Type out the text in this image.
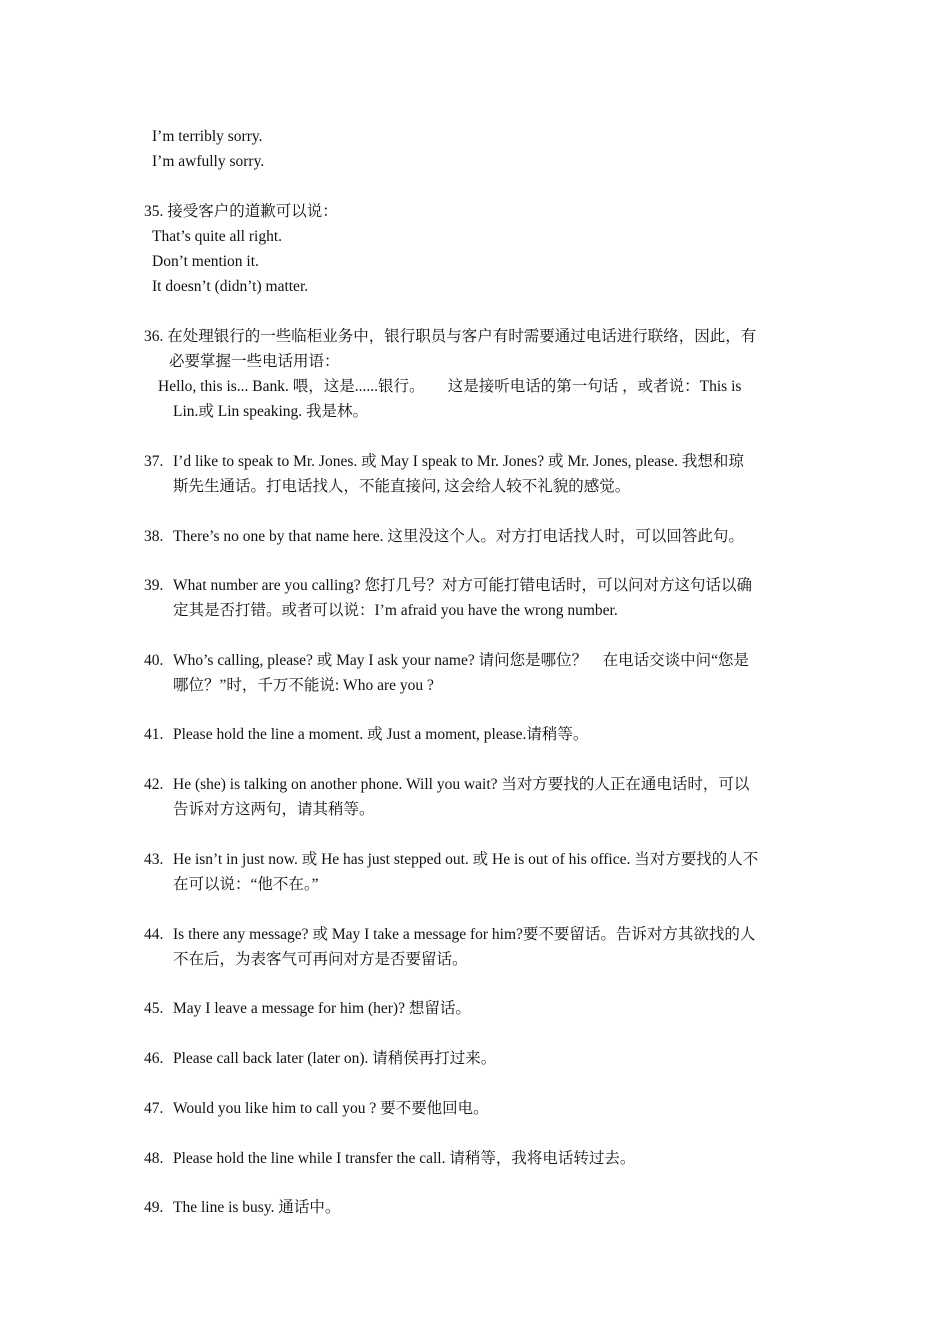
I’m terribly sorry.
I’m awfully sorry.
35. 接受客户的道歉可以说：
That’s quite all right.
Don’t mention it.
It doesn’t (didn’t) matter.
36. 在处理银行的一些临柜业务中，银行职员与客户有时需要通过电话进行联络，因此，有
必要掌握一些电话用语：
Hello, this is... Bank. 喂，这是......银行。　　这是接听电话的第一句话 ，或者说：This is
Lin.或 Lin speaking. 我是林。
37. I’d like to speak to Mr. Jones. 或 May I speak to Mr. Jones? 或 Mr. Jones, please. 我想和琼
斯先生通话。打电话找人，不能直接问, 这会给人较不礼貌的感觉。
38. There’s no one by that name here. 这里没这个人。对方打电话找人时，可以回答此句。
39. What number are you calling? 您打几号？对方可能打错电话时，可以问对方这句话以确
定其是否打错。或者可以说：I’m afraid you have the wrong number.
40. Who’s calling, please? 或 May I ask your name? 请问您是哪位？　在电话交谈中问“您是
哪位？”时，千万不能说: Who are you ?
41. Please hold the line a moment. 或 Just a moment, please.请稍等。
42. He (she) is talking on another phone. Will you wait? 当对方要找的人正在通电话时，可以
告诉对方这两句，请其稍等。
43. He isn’t in just now. 或 He has just stepped out. 或 He is out of his office. 当对方要找的人不
在可以说：“他不在。”
44. Is there any message? 或 May I take a message for him?要不要留话。告诉对方其欲找的人
不在后，为表客气可再问对方是否要留话。
45. May I leave a message for him (her)? 想留话。
46. Please call back later (later on). 请稍侯再打过来。
47. Would you like him to call you ? 要不要他回电。
48. Please hold the line while I transfer the call. 请稍等，我将电话转过去。
49. The line is busy. 通话中。
